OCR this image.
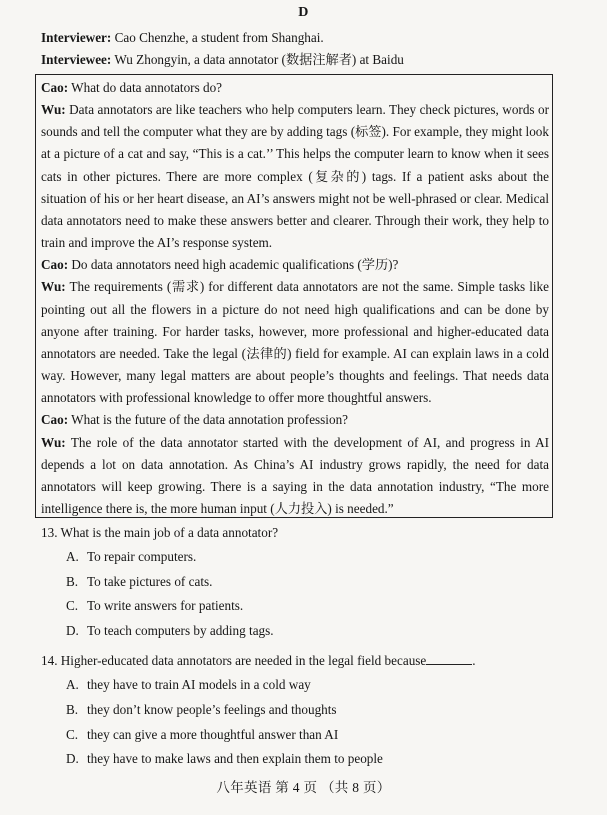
D
Interviewer: Cao Chenzhe, a student from Shanghai.
Interviewee: Wu Zhongyin, a data annotator (数据注解者) at Baidu

Cao: What do data annotators do?

Wu: Data annotators are like teachers who help computers learn. They check pictures, words or sounds and tell the computer what they are by adding tags (标签). For example, they might look at a picture of a cat and say, “This is a cat.’’ This helps the computer learn to know when it sees cats in other pictures. There are more complex (复杂的) tags. If a patient asks about the situation of his or her heart disease, an AI’s answers might not be well-phrased or clear. Medical data annotators need to make these answers better and clearer. Through their work, they help to train and improve the AI’s response system.

Cao: Do data annotators need high academic qualifications (学历)?

Wu: The requirements (需求) for different data annotators are not the same. Simple tasks like pointing out all the flowers in a picture do not need high qualifications and can be done by anyone after training. For harder tasks, however, more professional and higher-educated data annotators are needed. Take the legal (法律的) field for example. AI can explain laws in a cold way. However, many legal matters are about people’s thoughts and feelings. That needs data annotators with professional knowledge to offer more thoughtful answers.

Cao: What is the future of the data annotation profession?

Wu: The role of the data annotator started with the development of AI, and progress in AI depends a lot on data annotation. As China’s AI industry grows rapidly, the need for data annotators will keep growing. There is a saying in the data annotation industry, “The more intelligence there is, the more human input (人力投入) is needed.”

13. What is the main job of a data annotator?
A. To repair computers.
B. To take pictures of cats.
C. To write answers for patients.
D. To teach computers by adding tags.
14. Higher-educated data annotators are needed in the legal field because	.
A. they have to train AI models in a cold way
B. they don’t know people’s feelings and thoughts
C. they can give a more thoughtful answer than AI
D. they have to make laws and then explain them to people
八年英语 第 4 页 （共 8 页）
